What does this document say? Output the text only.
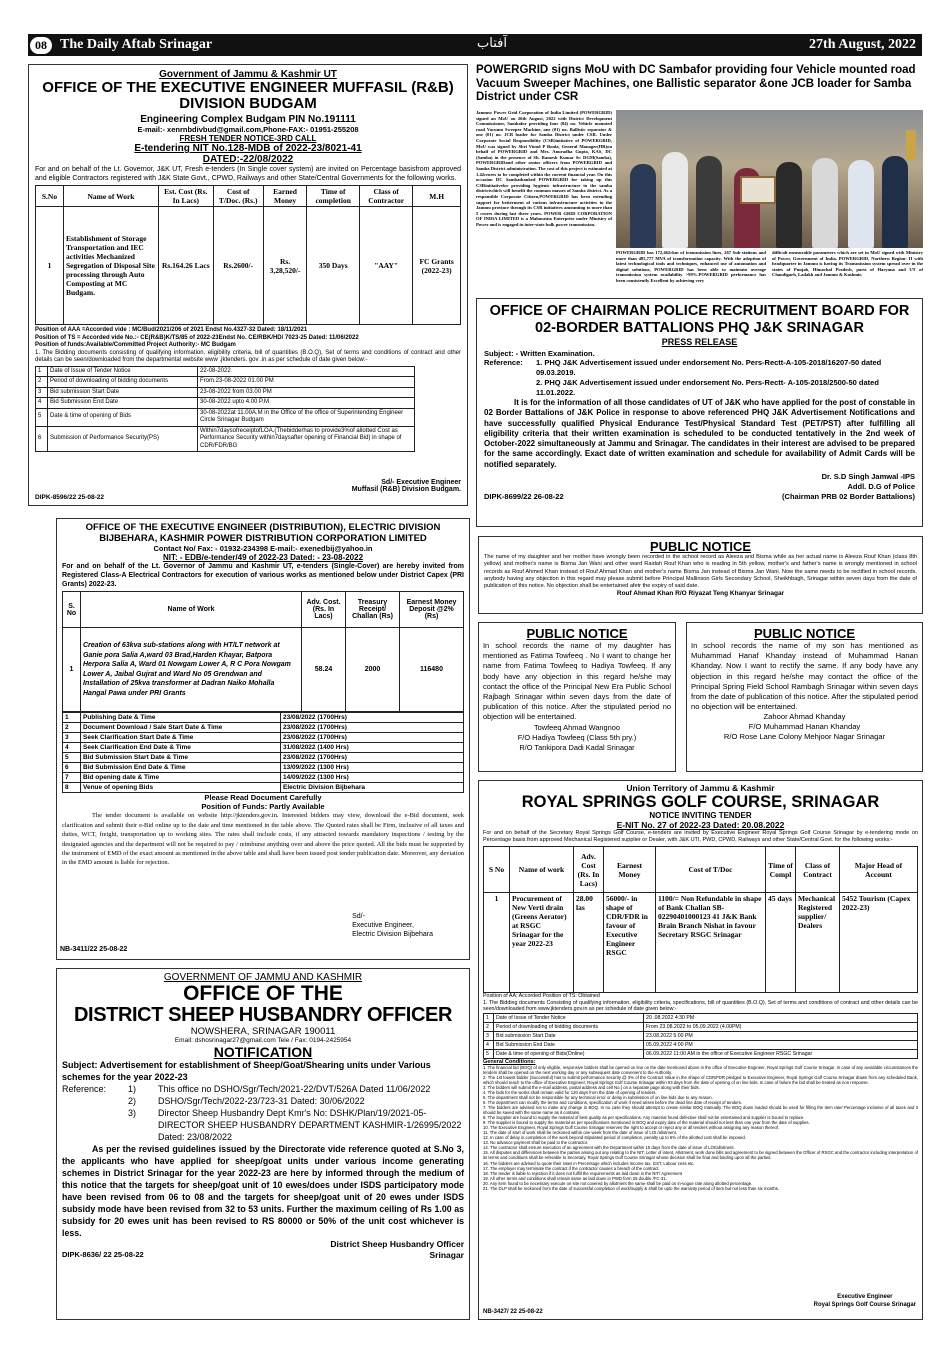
08 The Daily Aftab Srinagar	آفتاب	27th August, 2022
Government of Jammu & Kashmir UT
OFFICE OF THE EXECUTIVE ENGINEER MUFFASIL (R&B) DIVISION BUDGAM
Engineering Complex Budgam PIN No.191111
E-mail:- xenrnbdivbud@gmail.com,Phone-FAX:- 01951-255208
FRESH TENDER NOTICE-3RD CALL
E-tendering NIT No.128-MDB of 2022-23/8021-41
DATED:-22/08/2022
For and on behalf of the Lt. Governor, J&K UT, Fresh e-tenders (In Single cover system) are invited on Percentage basisfrom approved and eligible Contractors registered with J&K State Govt., CPWD, Railways and other State/Central Governments for the following works.
S.No	Name of Work	Est. Cost (Rs. In Lacs)	Cost of T/Doc. (Rs.)	Earned Money	Time of completion	Class of Contractor	M.H
1	Establishment of Storage Transportation and IEC activities Mechanized Segregation of Disposal Site processing through Auto Composting at MC Budgam.	Rs.164.26 Lacs	Rs.2600/-	Rs. 3,28,520/-	350 Days	"AAY"	FC Grants (2022-23)
Position of AAA =Accorded vide : MC/Bud/2021/206 of 2021 Endst No.4327-32 Dated: 18/11/2021
Position of TS = Accorded vide No.:- CE(R&B)K/TS/85 of 2022-23Endst No. CE/RBK/HD/ 7023-25 Dated: 11/06/2022
Position of funds:Available/Committed Project Authority:- MC Budgam
1. The Bidding documents consisting of qualifying information, eligibility criteria, bill of quantities (B.O.Q), Set of terms and conditions of contract and other details can be seen/downloaded from the departmental website www .jktenders. gov .in as per schedule of date given below:-
1	Date of Issue of Tender Notice	22-08-2022
2	Period of downloading of bidding documents	From.23-08-2022 01.00 PM
3	Bid submission Start Date	23-08-2022 from 03.00 PM
4	Bid Submission End Date	30-08-2022 upto 4.00 P.M
5	Date & time of opening of Bids	30-08-2022at 11.00A.M in the Office of the office of Superintending Engineer Circle Srinagar Budgam
6	Submission of Performance Security(PS)	Within7daysofreceiptofLOA.(Thebidderhas to provide3%of allotted Cost as Performance Security within7daysafter opening of Financial Bid) in shape of CDR/FDR/BG
Sd/- Executive Engineer
Muffasil (R&B) Division Budgam.
DIPK-8596/22 25-08-22
POWERGRID signs MoU with DC Sambafor providing four Vehicle mounted road Vacuum Sweeper Machines, one Ballistic separator &one JCB loader for Samba District under CSR
Jammu: Power Grid Corporation of India Limited (POWERGRID) signed an MoU on 26th August, 2022 with District Development Commissioner, Sambafor providing four (04) no. Vehicle mounted road Vacuum Sweeper Machine, one (01) no. Ballistic separator & one (01) no. JCB loader for Samba District under CSR. Under Corporate Social Responsibility (CSR)initiative of POWERGRID, MoU was signed by Shri Vinod P Bonla, General Manager(HR)on behalf of POWERGRID and Mrs. Anuradha Gupta, KAS, DC (Samba) in the presence of Sh. Ramesh Kumar Sr. DGM(Samba), POWERGRIDand other senior officers from POWERGRID and Samba District administration. The cost of this project is estimated at 1.42crores to be completed within the current financial year. On this occasion DC Sambathanked POWERGRID for taking up this CSRinitiativefor providing hygienic infrastructure in the samba districtwhich will benefit the common masses of Samba district. As a responsible Corporate Citizen,POWERGRID has been extending support for betterment of various infrastructure activities in the Jammu province through its CSR initiatives amounting to more than 5 crores during last three years. POWER GRID CORPORATION OF INDIA LIMITED is a Maharatna Enterprise under Ministry of Power and is engaged in inter-state bulk power transmission.
POWERGRID has 172,462ckm of transmission lines, 267 Sub-stations and more than 485,777 MVA of transformation capacity. With the adoption of latest technological tools and techniques, enhanced use of automation and digital solutions, POWERGRID has been able to maintain average transmission system availability >99%.POWERGRID performance has been consistently Excellent by achieving very
difficult measurable parameters which are set in MoU signed with Ministry of Power, Government of India. POWERGRID, Northern Region- II with headquarter in Jammu is having its Transmission system spread over in the states of Punjab, Himachal Pradesh, parts of Haryana and UT of Chandigarh, Ladakh and Jammu & Kashmir.
OFFICE OF CHAIRMAN POLICE RECRUITMENT BOARD FOR 02-BORDER BATTALIONS PHQ J&K SRINAGAR
PRESS RELEASE
Subject: - Written Examination.
Reference:	1. PHQ J&K Advertisement issued under endorsement No. Pers-Rectt-A-105-2018/16207-50 dated 09.03.2019.
2. PHQ J&K Advertisement issued under endorsement No. Pers-Rectt- A-105-2018/2500-50 dated 11.01.2022.
It is for the information of all those candidates of UT of J&K who have applied for the post of constable in 02 Border Battalions of J&K Police in response to above referenced PHQ J&K Advertisement Notifications and have successfully qualified Physical Endurance Test/Physical Standard Test (PET/PST) after fulfilling all eligibility criteria that their written examination is scheduled to be conducted tentatively in the 2nd week of October-2022 simultaneously at Jammu and Srinagar. The candidates in their interest are advised to be prepared for the same accordingly. Exact date of written examination and schedule for availability of Admit Cards will be notified separately.
Dr. S.D Singh Jamwal -IPS
Addl. D.G of Police
DIPK-8699/22 26-08-22	(Chairman PRB 02 Border Battalions)
OFFICE OF THE EXECUTIVE ENGINEER (DISTRIBUTION), ELECTRIC DIVISION BIJBEHARA, KASHMIR POWER DISTRIBUTION CORPORATION LIMITED
Contact No/ Fax: - 01932-234398 E-mail:- exenedbij@yahoo.in
NIT: - EDB/e-tender/49 of 2022-23 Dated: - 23-08-2022
For and on behalf of the Lt. Governor of Jammu and Kashmir UT, e-tenders (Single-Cover) are hereby invited from Registered Class-A Electrical Contractors for execution of various works as mentioned below under District Capex (PRI Grants) 2022-23.
S. No	Name of Work	Adv. Cost. (Rs. In Lacs)	Treasury Receipt/ Challan (Rs)	Earnest Money Deposit @2% (Rs)
1	Creation of 63kva sub-stations along with HT/LT network at Ganie pora Salia A,ward 03 Brad,Harden Khayar, Batpora Herpora Salia A, Ward 01 Nowgam Lower A, R C Pora Nowgam Lower A, Jaibal Gujrat and Ward No 05 Grendwan and Installation of 25kva transformer at Dadran Naiko Mohalla Hangal Pawa under PRI Grants	58.24	2000	116480
1	Publishing Date & Time	23/08/2022 (1700Hrs)
2	Document Download / Sale Start Date & Time	23/08/2022 (1700Hrs)
3	Seek Clarification Start Date & Time	23/08/2022 (1700Hrs)
4	Seek Clarification End Date & Time	31/08/2022 (1400 Hrs)
5	Bid Submission Start Date & Time	23/08/2022 (1700Hrs)
6	Bid Submission End Date & Time	13/09/2022 (1300 Hrs)
7	Bid opening date & Time	14/09/2022 (1300 Hrs)
8	Venue of opening Bids	Electric Division Bijbehara
Please Read Document Carefully
Position of Funds: Partly Available
The tender document is available on website http://jktenders.gov.in. Interested bidders may view, download the e-Bid document, seek clarification and submit their e-Bid online up to the date and time mentioned in the table above. The Quoted rates shall be Firm, inclusive of all taxes and duties, WCT, freight, transportation up to working sites. The rates shall include costs, if any attracted towards mandatory inspections / testing by the designated agencies and the department will not be required to pay / reimburse anything over and above the price quoted. All the bids must be supported by the instrument of EMD of the exact amount as mentioned in the above table and shall have been issued post tender publication date. Moreover, any deviation in the EMD amount is liable for rejection.
Sd/-
Executive Engineer,
Electric Division Bijbehara
NB-3411/22 25-08-22
PUBLIC NOTICE
The name of my daughter and her mother have wrongly been recorded in the school record as Aleeza and Bisma while as her actual name is Aleeza Rouf Khan (class 8th yellow) and mother's name is Bisma Jan Wani and other ward Raidah Rouf Khan who is reading in 5th yellow, mother's and father's name is wrongly mentioned in school records as Rouf Ahmed Khan instead of Rouf Ahmad Khan and mother's name Bisma Jan instead of Bisma Jan Wani. Now the same needs to be rectified in school records. anybody having any objection in this regard may please submit before Principal Mallinson Girls Secondary School, Sheikhbagh, Srinagar within seven days from the date of publication of this notice. No objection shall be entertained afetr the expiry of said date.
Rouf Ahmad Khan R/O Riyazat Teng Khanyar Srinagar
PUBLIC NOTICE
In school records the name of my daughter has mentioned as Fatima Towfeeq . No I want to change her name from Fatima Towfeeq to Hadiya Towfeeq. If any body have any objection in this regard he/she may contact the office of the Principal New Era Public School Rajbagh Srinagar within seven days from the date of publication of this notice. After the stipulated period no objection will be entertained.
Towfeeq Ahmad Wangnoo
F/O Hadiya Towfeeq (Class 5th pry.)
R/O Tankipora Dadi Kadal Srinagar
PUBLIC NOTICE
In school records the name of my son has mentioned as Muhammad Hanaf Khanday instead of Muhammad Hanan Khanday. Now I want to rectify the same. If any body have any objection in this regard he/she may contact the office of the Principal Spring Field School Rambagh Srinagar within seven days from the date of publication of this notice. After the stipulated period no objection will be entertained.
Zahoor Ahmad Khanday
F/O Muhammad Hanan Khanday
R/O Rose Lane Colony Mehjoor Nagar Srinagar
GOVERNMENT OF JAMMU AND KASHMIR
OFFICE OF THE
DISTRICT SHEEP HUSBANDRY OFFICER
NOWSHERA, SRINAGAR 190011
Email: dshosrinagar27@gmail.com Tele / Fax: 0194-2425954
NOTIFICATION
Subject: Advertisement for establishment of Sheep/Goat/Shearing units under Various schemes for the year 2022-23
Reference:	1)	This office no DSHO/Sgr/Tech/2021-22/DVT/526A Dated 11/06/2022
2)	DSHO/Sgr/Tech/2022-23/723-31 Dated: 30/06/2022
3)	Director Sheep Husbandry Dept Kmr's No: DSHK/Plan/19/2021-05- DIRECTOR SHEEP HUSBANDRY DEPARTMENT KASHMIR-1/26995/2022 Dated: 23/08/2022
As per the revised guidelines issued by the Directorate vide reference quoted at S.No 3, the applicants who have applied for sheep/goat units under various income generating schemes in District Srinagar for the year 2022-23 are here by informed through the medium of this notice that the targets for sheep/goat unit of 10 ewes/does under ISDS participatory mode have been revised from 06 to 08 and the targets for sheep/goat unit of 20 ewes under ISDS subsidy mode have been revised from 32 to 53 units. Further the maximum ceiling of Rs 1.00 as subsidy for 20 ewes unit has been revised to RS 80000 or 50% of the unit cost whichever is less.
District Sheep Husbandry Officer
DIPK-8636/ 22 25-08-22	Srinagar
Union Territory of Jammu & Kashmir
ROYAL SPRINGS GOLF COURSE, SRINAGAR
NOTICE INVITING TENDER
E-NIT No. 27 of 2022-23 Dated: 20.08.2022
For and on behalf of the Secretary Royal Springs Golf Course, e-tenders are invited by Executive Engineer Royal Springs Golf Course Srinagar by e-tendering mode on Percentage basis from approved Mechanical Registered supplier or Dealer, with J&K UTI, PWD, CPWD, Railways and other State/Central Govt. for the following works:-
S No	Name of work	Adv. Cost (Rs. In Lacs)	Earnest Money	Cost of T/Doc	Time of Compl	Class of Contract	Major Head of Account
1	Procurement of New Verti drain (Greens Aerator) at RSGC Srinagar for the year 2022-23	28.00 las	56000/- in shape of CDR/FDR in favour of Executive Engineer RSGC	1100/= Non Refundable in shape of Bank Challan SB-02290401000123 41 J&K Bank Brain Branch Nishat in favour Secretary RSGC Srinagar	45 days	Mechanical Registered supplier/ Dealers	5452 Tourism (Capex 2022-23)
Position of AA; Accorded Position of TS: Obtained
1. The Bidding documents Consisting of qualifying information, eligibility criteria, specifications, bill of quantities (B.O.Q), Set of terms and conditions of contract and other details can be seen/downloaded from www.jktenders.gov.in as per schedule of date given below:-
1	Date of Issue of Tender Notice	20 .08.2022 4:30 PM
2	Period of downloading of bidding documents	From 23.08.2022 to 05.09.2022 (4.00PM)
3	Bid submission Start Date	23.08.2022 5:00 PM
4	Bid Submission End Date	05.09.2022 4:00 PM
5	Date & time of opening of Bids(Online)	06.09.2022 11:00 AM in the office of Executive Engineer RSGC Srinagar
General Conditions:
1. The financial bid (BOQ) of only eligible, responsive bidders shall be opened on line on the date mentioned above in the office of Executive Engineer, Royal Springs Golf Course Srinagar. In case of any avoidable circumstances the tenders shall be opened on the next working day or any subsequent date convenient to the Authority.
2. The 1st lowest bidder (Successful) has to submit performance security @ 3% of the Contract Value in the shape of CDR/FDR pledged to Executive Engineer, Royal Springs Golf Course Srinagar drawn from any scheduled Bank, which should reach to the office of Executive Engineer, Royal Springs Golf Course Srinagar within 03 days from the date of opening of on line bids. In case of failure the bid shall be treated as non response.
3. The bidders will submit the e-mail address, postal address and cell No.( on a separate page along with their bids.
4. The bids for the works shall remain valid for 120 days from the date of opening of tenders.
5. The department shall not be responsible for any technical error or delay in submission of on line bids due to any reason.
6. The department can modify the terms and conditions, specification of work if need arises before the dead line date of receipt of tenders.
7. The bidders are advised not to make any change in BOQ. In no case they should attempt to create similar BOQ manually. The BOQ down loaded should be used for filling the item rate/ Percentage inclusive of all taxes and it should be saved with the same name as it contains.
8. The Supplier are bound to supply the material of best quality as per specifications. Any material found defective shall not be entertained and supplier is bound to replace.
9. The supplier is bound to supply the material as per specifications mentioned in BOQ and expiry date of the material should not less than one year from the date of supplies.
10. The Executive Engineer, Royal Springs Golf Course Srinagar reserves the right to accept or reject any or all tenders without assigning any reason thereof.
11. The date of start of work shall be reckoned within one week from the date of issue of LOI /allotment.
12. In case of delay in completion of the work beyond stipulated period of completion, penalty up to 5% of the allotted cost shall be imposed.
13. No advance payment shall be paid to the contractor.
14. The contractor shall ensure execution of an agreement with the Department within 15 days from the date of issue of LOI/allotment.
15. All disputes and differences between the parties arising out any relating to the NIT, Letter of intent, Allotment, work done bills and agreement to be signed between the Officer of RSGC and the contractor including interpretation of its terms and conditions shall be referable to Secretary, Royal Springs Golf Course Srinagar whose decision shall be final and binding upon all the parties.
16. The bidders are advised to quote their rates in Percentage which includes Income tax, GST, Labour cess etc.
17. The employer may terminate the contract if the contractor causes a breach of the contract.
18. The tender is liable to rejection if it does not fulfill the requirements as laid down in the NIT/ Agreement
19. All other terms and conditions shall remain same as laid down in PWD form 25 double /FC-31.
20. Any item found to be necessary execute on site not covered by allotment the same shall be paid on in-vogue rate along allotted percentage.
21. The DLP shall be reckoned from the date of successful completion of work/supply & shall be upto the warranty period of item but not less than six months.
Executive Engineer
Royal Springs Golf Course Srinagar
NB-3427/ 22 25-08-22
